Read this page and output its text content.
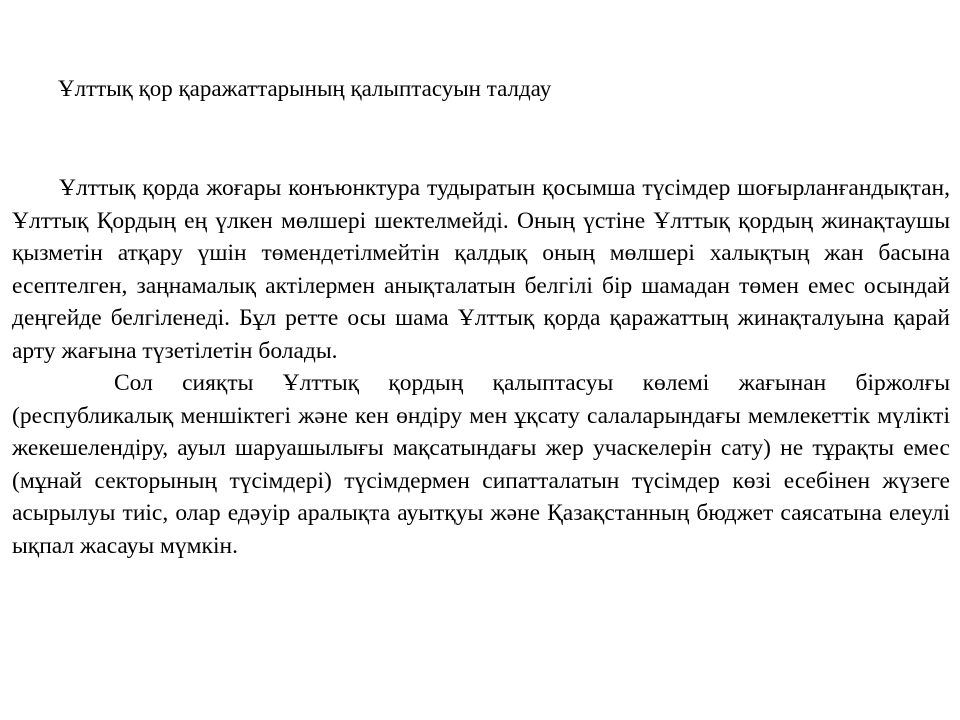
Ұлттық қор қаражаттарының қалыптасуын талдау

Ұлттық қорда жоғары конъюнктура тудыратын қосымша түсімдер шоғырланғандықтан, Ұлттық Қордың ең үлкен мөлшері шектелмейді. Оның үстіне Ұлттық қордың жинақтаушы қызметін атқару үшін төмендетілмейтін қалдық оның мөлшері халықтың жан басына есептелген, заңнамалық актілермен анықталатын белгілі бір шамадан төмен емес осындай деңгейде белгіленеді. Бұл ретте осы шама Ұлттық қорда қаражаттың жинақталуына қарай арту жағына түзетілетін болады.

Сол сияқты Ұлттық қордың қалыптасуы көлемі жағынан біржолғы (республикалық меншіктегі және кен өндіру мен ұқсату салаларындағы мемлекеттік мүлікті жекешелендіру, ауыл шаруашылығы мақсатындағы жер учаскелерін сату) не тұрақты емес (мұнай секторының түсімдері) түсімдермен сипатталатын түсімдер көзі есебінен жүзеге асырылуы тиіс, олар едәуір аралықта ауытқуы және Қазақстанның бюджет саясатына елеулі ықпал жасауы мүмкін.
